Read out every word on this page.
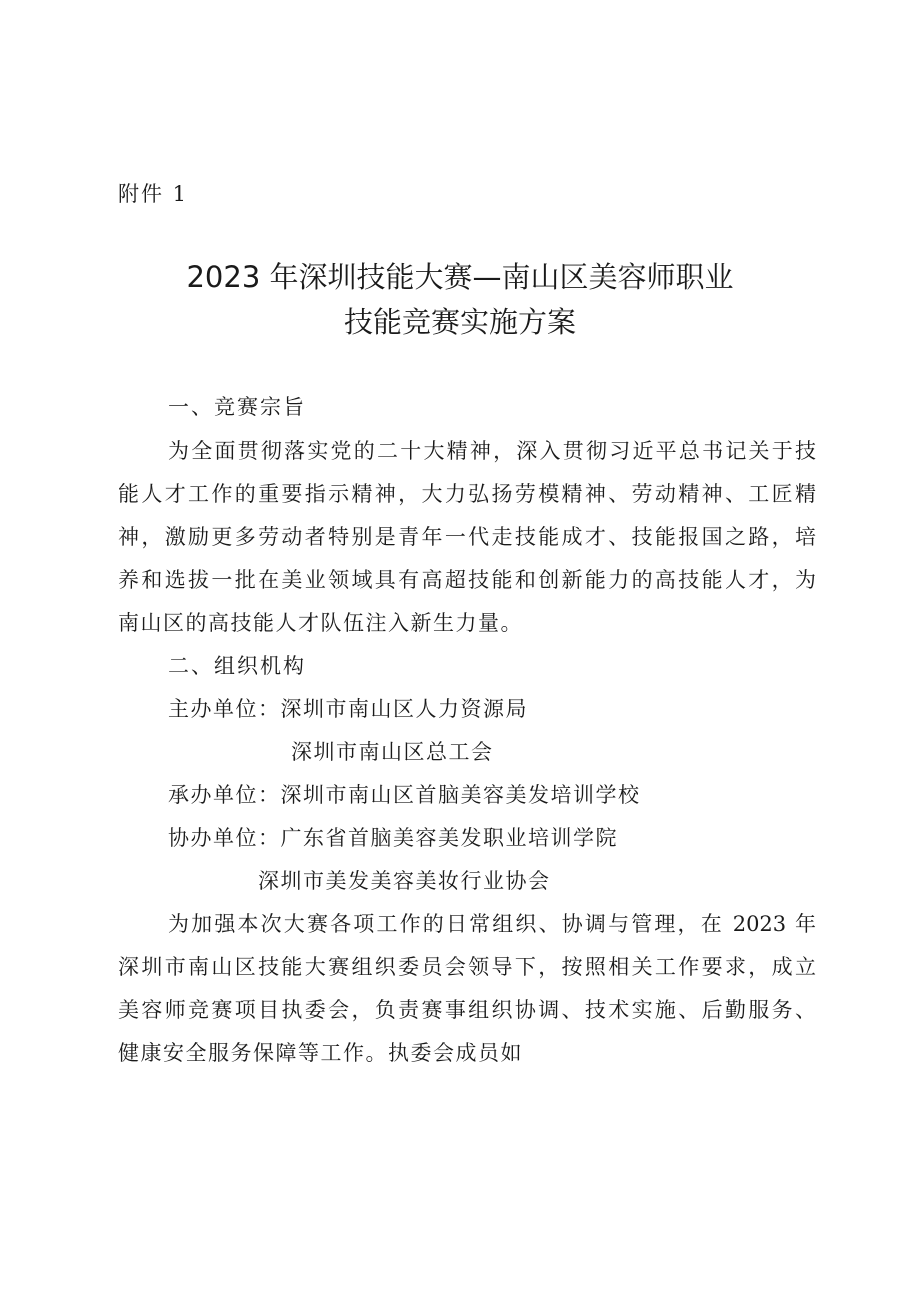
附件 1
2023 年深圳技能大赛—南山区美容师职业
技能竞赛实施方案
一、竞赛宗旨
为全面贯彻落实党的二十大精神，深入贯彻习近平总书记关于技
能人才工作的重要指示精神，大力弘扬劳模精神、劳动精神、工匠精
神，激励更多劳动者特别是青年一代走技能成才、技能报国之路，培
养和选拔一批在美业领域具有高超技能和创新能力的高技能人才，为
南山区的高技能人才队伍注入新生力量。
二、组织机构
主办单位：深圳市南山区人力资源局
深圳市南山区总工会
承办单位：深圳市南山区首脑美容美发培训学校
协办单位：广东省首脑美容美发职业培训学院
深圳市美发美容美妆行业协会
为加强本次大赛各项工作的日常组织、协调与管理，在 2023 年
深圳市南山区技能大赛组织委员会领导下，按照相关工作要求，成立
美容师竞赛项目执委会，负责赛事组织协调、技术实施、后勤服务、
健康安全服务保障等工作。执委会成员如
